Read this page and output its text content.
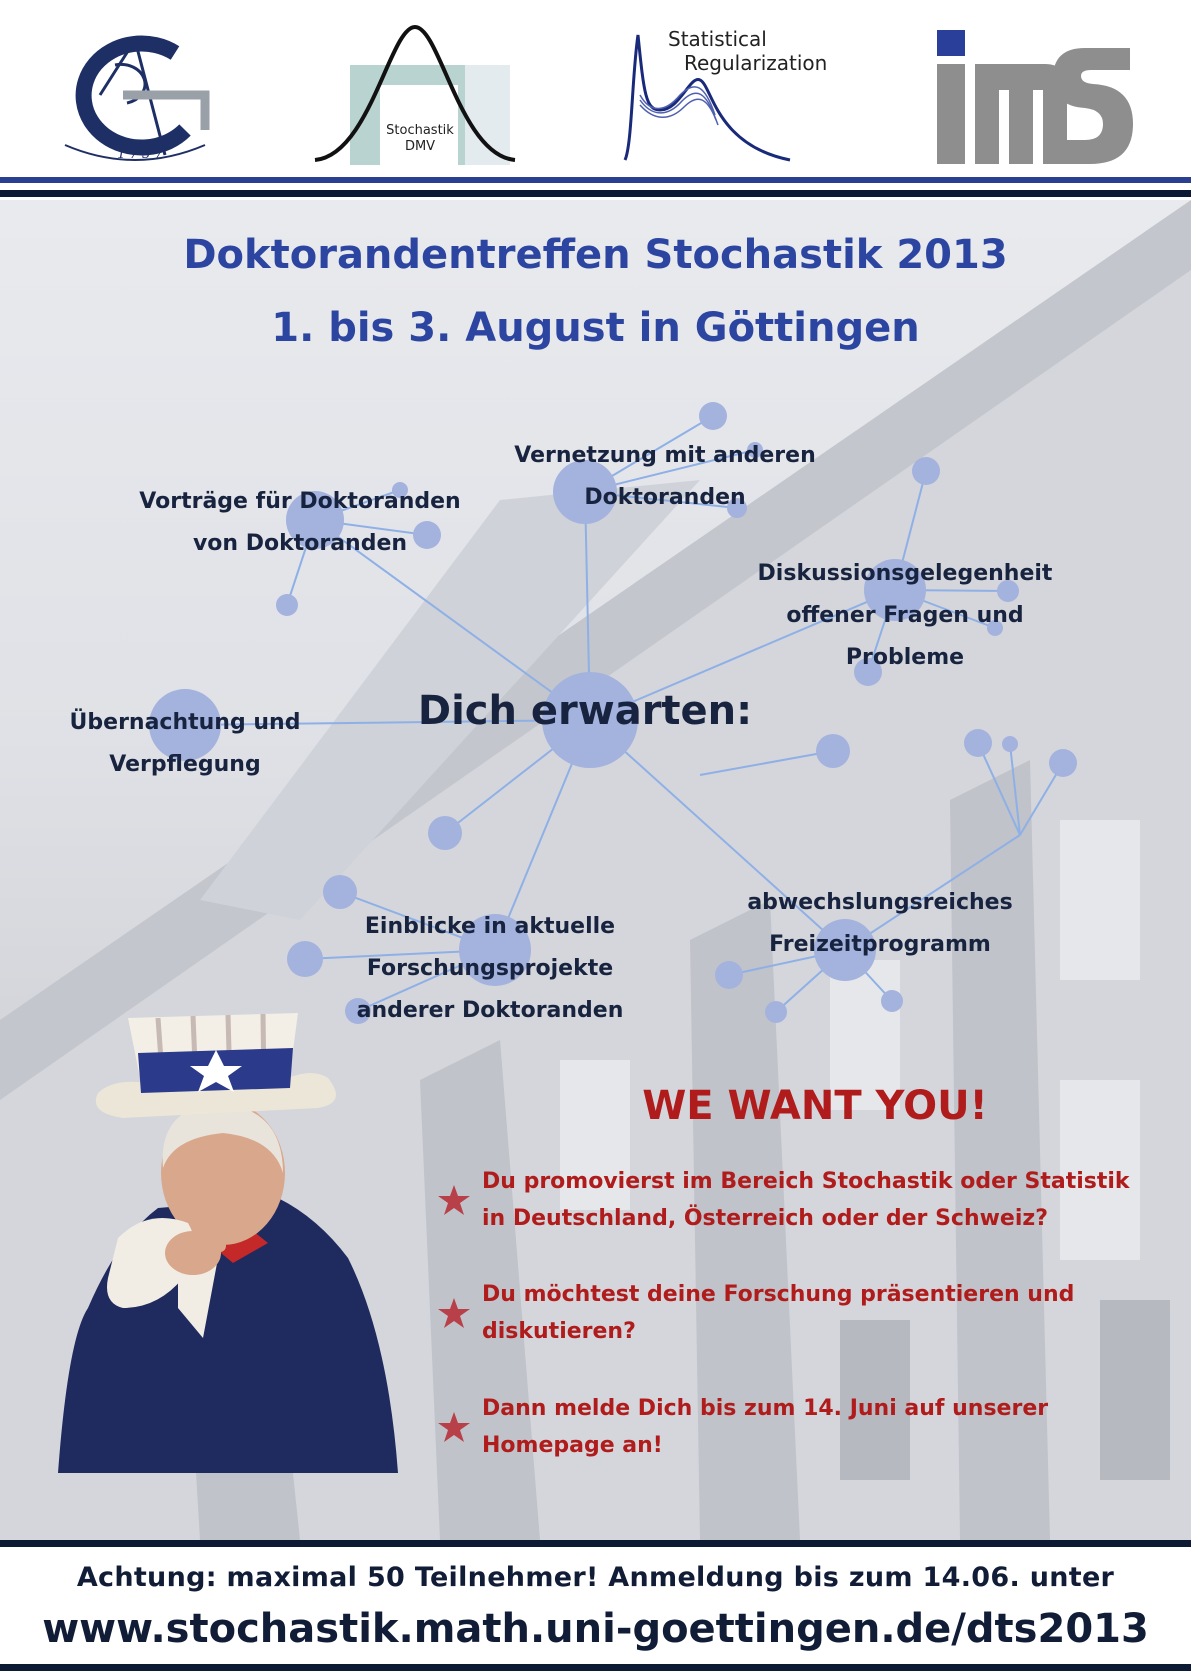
1 7 3 7
Stochastik
DMV
Statistical
Regularization
Doktorandentreffen Stochastik 2013
1. bis 3. August in Göttingen
Dich erwarten:
Vorträge für Doktoranden
von Doktoranden
Vernetzung mit anderen
Doktoranden
Diskussionsgelegenheit
offener Fragen und
Probleme
Übernachtung und
Verpflegung
Einblicke in aktuelle
Forschungsprojekte
anderer Doktoranden
abwechslungsreiches
Freizeitprogramm
WE WANT YOU!
Du promovierst im Bereich Stochastik oder Statistik
in Deutschland, Österreich oder der Schweiz?
Du möchtest deine Forschung präsentieren und
diskutieren?
Dann melde Dich bis zum 14. Juni auf unserer
Homepage an!
Achtung: maximal 50 Teilnehmer! Anmeldung bis zum 14.06. unter
www.stochastik.math.uni-goettingen.de/dts2013
